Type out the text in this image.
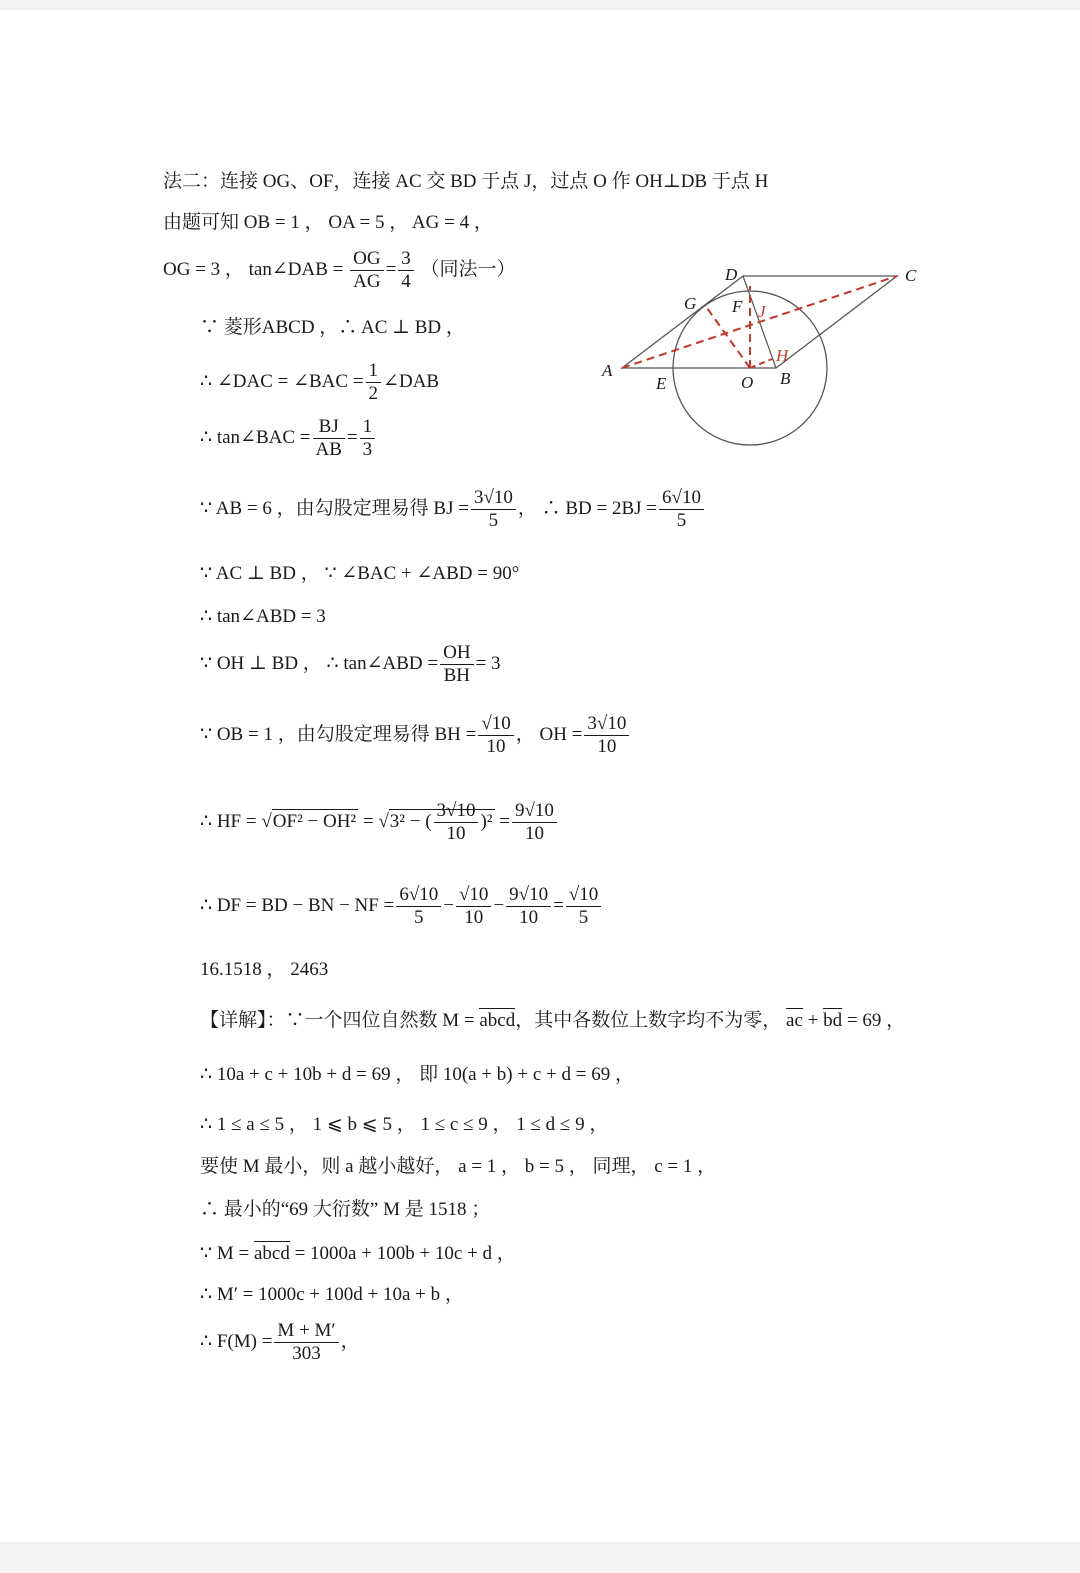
法二：连接 OG、OF，连接 AC 交 BD 于点 J，过点 O 作 OH⊥DB 于点 H
由题可知 OB = 1 ， OA = 5 ， AG = 4 ，
OG = 3 ， tan∠DAB = $\frac{OG}{AG} = \frac{3}{4}$ （同法一）
∵ 菱形ABCD ，∴ AC ⊥ BD ，
∴ ∠DAC = ∠BAC = $\frac{1}{2}$ ∠DAB
∴ tan∠BAC = $\frac{BJ}{AB} = \frac{1}{3}$
∵ AB = 6 ，由勾股定理易得 BJ = $\frac{3√10}{5}$ ， ∴ BD = $2BJ = \frac{6√10}{5}$
∵ AC ⊥ BD ， ∵ ∠BAC + ∠ABD = 90°
∴ tan∠ABD = 3
∵ OH ⊥ BD ， ∴ tan∠ABD = $\frac{OH}{BH} = 3$
∵ OB = 1 ，由勾股定理易得 BH = $\frac{√10}{10}$ ， OH = $\frac{3√10}{10}$
∴ HF = √OF² − OH² = √3² − ( $\frac{3√10}{10} )^2 = \frac{9√10}{10}$
∴ DF = BD − BN − NF = $\frac{6√10}{5} - \frac{√10}{10} - \frac{9√10}{10} = \frac{√10}{5}$
16.1518 ， 2463
【详解】：∵一个四位自然数 M = abcd，其中各数位上数字均不为零， ac + bd = 69 ，
∴ 10a + c + 10b + d = 69 ， 即 10(a + b) + c + d = 69 ，
∴ 1 ≤ a ≤ 5 ， 1 ⩽ b ⩽ 5 ， 1 ≤ c ≤ 9 ， 1 ≤ d ≤ 9 ，
要使 M 最小，则 a 越小越好， a = 1 ， b = 5 ， 同理， c = 1 ，
∴ 最小的“69 大衍数” M 是 1518 ；
∵ M = abcd = 1000a + 100b + 10c + d ，
∴ M′ = 1000c + 100d + 10a + b ，
∴ $F(M) = \frac{M + M'}{303}$ ，
D	C
G F J
H
A
E	O B
